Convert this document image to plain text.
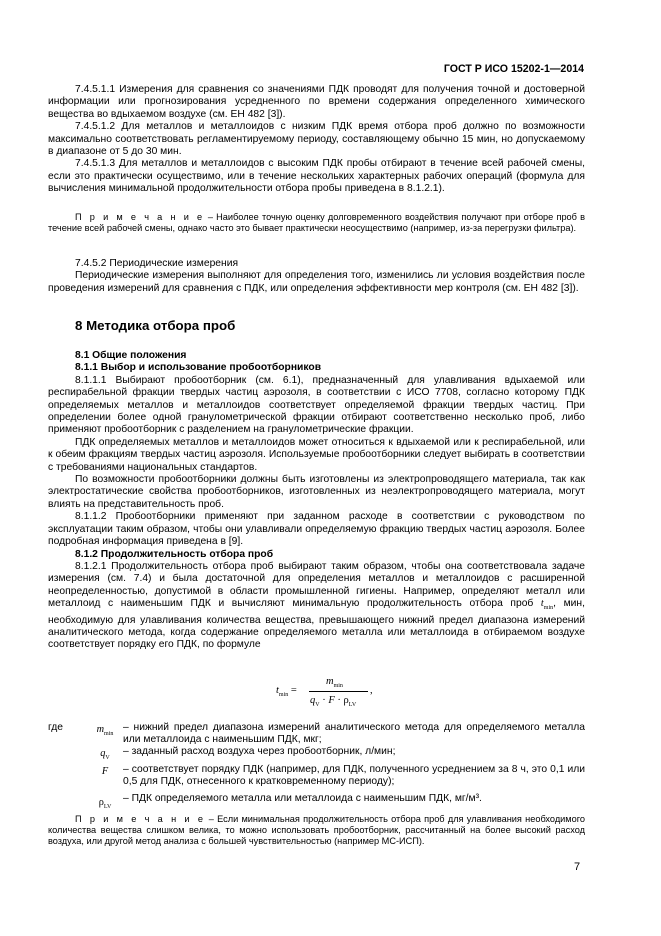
ГОСТ Р ИСО 15202-1—2014

7.4.5.1.1 Измерения для сравнения со значениями ПДК проводят для получения точной и достоверной информации или прогнозирования усредненного по времени содержания определенного химического вещества во вдыхаемом воздухе (см. ЕН 482 [3]).

7.4.5.1.2 Для металлов и металлоидов с низким ПДК время отбора проб должно по возможности максимально соответствовать регламентируемому периоду, составляющему обычно 15 мин, но допускаемому в диапазоне от 5 до 30 мин.

7.4.5.1.3 Для металлов и металлоидов с высоким ПДК пробы отбирают в течение всей рабочей смены, если это практически осуществимо, или в течение нескольких характерных рабочих операций (формула для вычисления минимальной продолжительности отбора пробы приведена в 8.1.2.1).

П р и м е ч а н и е – Наиболее точную оценку долговременного воздействия получают при отборе проб в течение всей рабочей смены, однако часто это бывает практически неосуществимо (например, из-за перегрузки фильтра).

7.4.5.2 Периодические измерения

Периодические измерения выполняют для определения того, изменились ли условия воздействия после проведения измерений для сравнения с ПДК, или определения эффективности мер контроля (см. ЕН 482 [3]).

8 Методика отбора проб

8.1 Общие положения

8.1.1 Выбор и использование пробоотборников

8.1.1.1 Выбирают пробоотборник (см. 6.1), предназначенный для улавливания вдыхаемой или респирабельной фракции твердых частиц аэрозоля, в соответствии с ИСО 7708, согласно которому ПДК определяемых металлов и металлоидов соответствует определяемой фракции твердых частиц. При определении более одной гранулометрической фракции отбирают соответственно несколько проб, либо применяют пробоотборник с разделением на гранулометрические фракции.

ПДК определяемых металлов и металлоидов может относиться к вдыхаемой или к респирабельной, или к обеим фракциям твердых частиц аэрозоля. Используемые пробоотборники следует выбирать в соответствии с требованиями национальных стандартов.

По возможности пробоотборники должны быть изготовлены из электропроводящего материала, так как электростатические свойства пробоотборников, изготовленных из неэлектропроводящего материала, могут влиять на представительность проб.

8.1.1.2 Пробоотборники применяют при заданном расходе в соответствии с руководством по эксплуатации таким образом, чтобы они улавливали определяемую фракцию твердых частиц аэрозоля. Более подробная информация приведена в [9].

8.1.2 Продолжительность отбора проб

8.1.2.1 Продолжительность отбора проб выбирают таким образом, чтобы она соответствовала задаче измерения (см. 7.4) и была достаточной для определения металлов и металлоидов с расширенной неопределенностью, допустимой в области промышленной гигиены. Например, определяют металл или металлоид с наименьшим ПДК и вычисляют минимальную продолжительность отбора проб $t_{min}$, мин, необходимую для улавливания количества вещества, превышающего нижний предел диапазона измерений аналитического метода, когда содержание определяемого металла или металлоида в отбираемом воздухе соответствует порядку его ПДК, по формуле

$t_{min}$ =
$m_{min}$
$q_V \cdot F \cdot \rho_{LV}$
,
где	$m_{min}$
– нижний предел диапазона измерений аналитического метода для определяемого металла или металлоида с наименьшим ПДК, мкг;
$q_V$
– заданный расход воздуха через пробоотборник, л/мин;
F	– соответствует порядку ПДК (например, для ПДК, полученного усреднением за 8 ч, это 0,1 или 0,5 для ПДК, отнесенного к кратковременному периоду);
$\rho_{LV}$
– ПДК определяемого металла или металлоида с наименьшим ПДК, мг/м³.

П р и м е ч а н и е – Если минимальная продолжительность отбора проб для улавливания необходимого количества вещества слишком велика, то можно использовать пробоотборник, рассчитанный на более высокий расход воздуха, или другой метод анализа с большей чувствительностью (например МС-ИСП).

7
